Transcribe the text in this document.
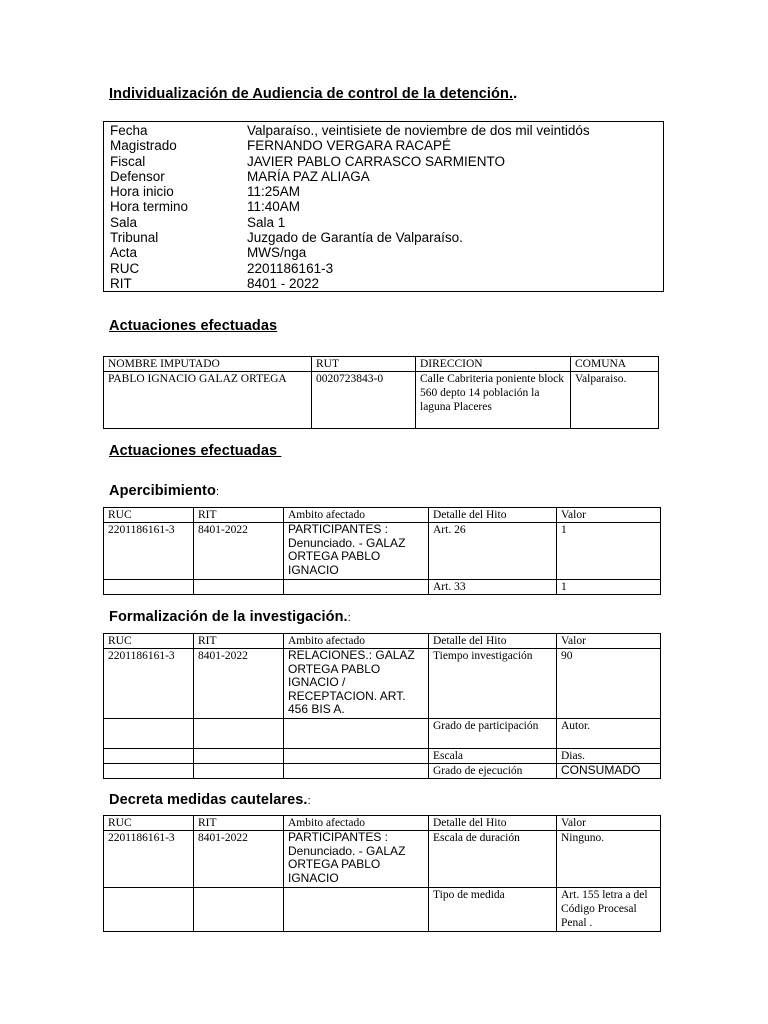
Individualización de Audiencia de control de la detención..
Fecha	Valparaíso., veintisiete de noviembre de dos mil veintidós
Magistrado	FERNANDO VERGARA RACAPÉ
Fiscal	JAVIER PABLO CARRASCO SARMIENTO
Defensor	MARÍA PAZ ALIAGA
Hora inicio	11:25AM
Hora termino	11:40AM
Sala	Sala 1
Tribunal	Juzgado de Garantía de Valparaíso.
Acta	MWS/nga
RUC	2201186161-3
RIT	8401 - 2022
Actuaciones efectuadas
NOMBRE IMPUTADO	RUT	DIRECCION	COMUNA
PABLO IGNACIO GALAZ ORTEGA	0020723843-0	Calle Cabriteria poniente block 560 depto 14 población la laguna Placeres	Valparaiso.
Actuaciones efectuadas
Apercibimiento:
RUC	RIT	Ambito afectado	Detalle del Hito	Valor
2201186161-3	8401-2022	PARTICIPANTES : Denunciado. - GALAZ ORTEGA PABLO IGNACIO	Art. 26	1
			Art. 33	1
Formalización de la investigación.:
RUC	RIT	Ambito afectado	Detalle del Hito	Valor
2201186161-3	8401-2022	RELACIONES.: GALAZ ORTEGA PABLO IGNACIO / RECEPTACION. ART. 456 BIS A.	Tiempo investigación	90
			Grado de participación	Autor.
			Escala	Dias.
			Grado de ejecución	CONSUMADO
Decreta medidas cautelares.:
RUC	RIT	Ambito afectado	Detalle del Hito	Valor
2201186161-3	8401-2022	PARTICIPANTES : Denunciado. - GALAZ ORTEGA PABLO IGNACIO	Escala de duración	Ninguno.
			Tipo de medida	Art. 155 letra a del Código Procesal Penal .
